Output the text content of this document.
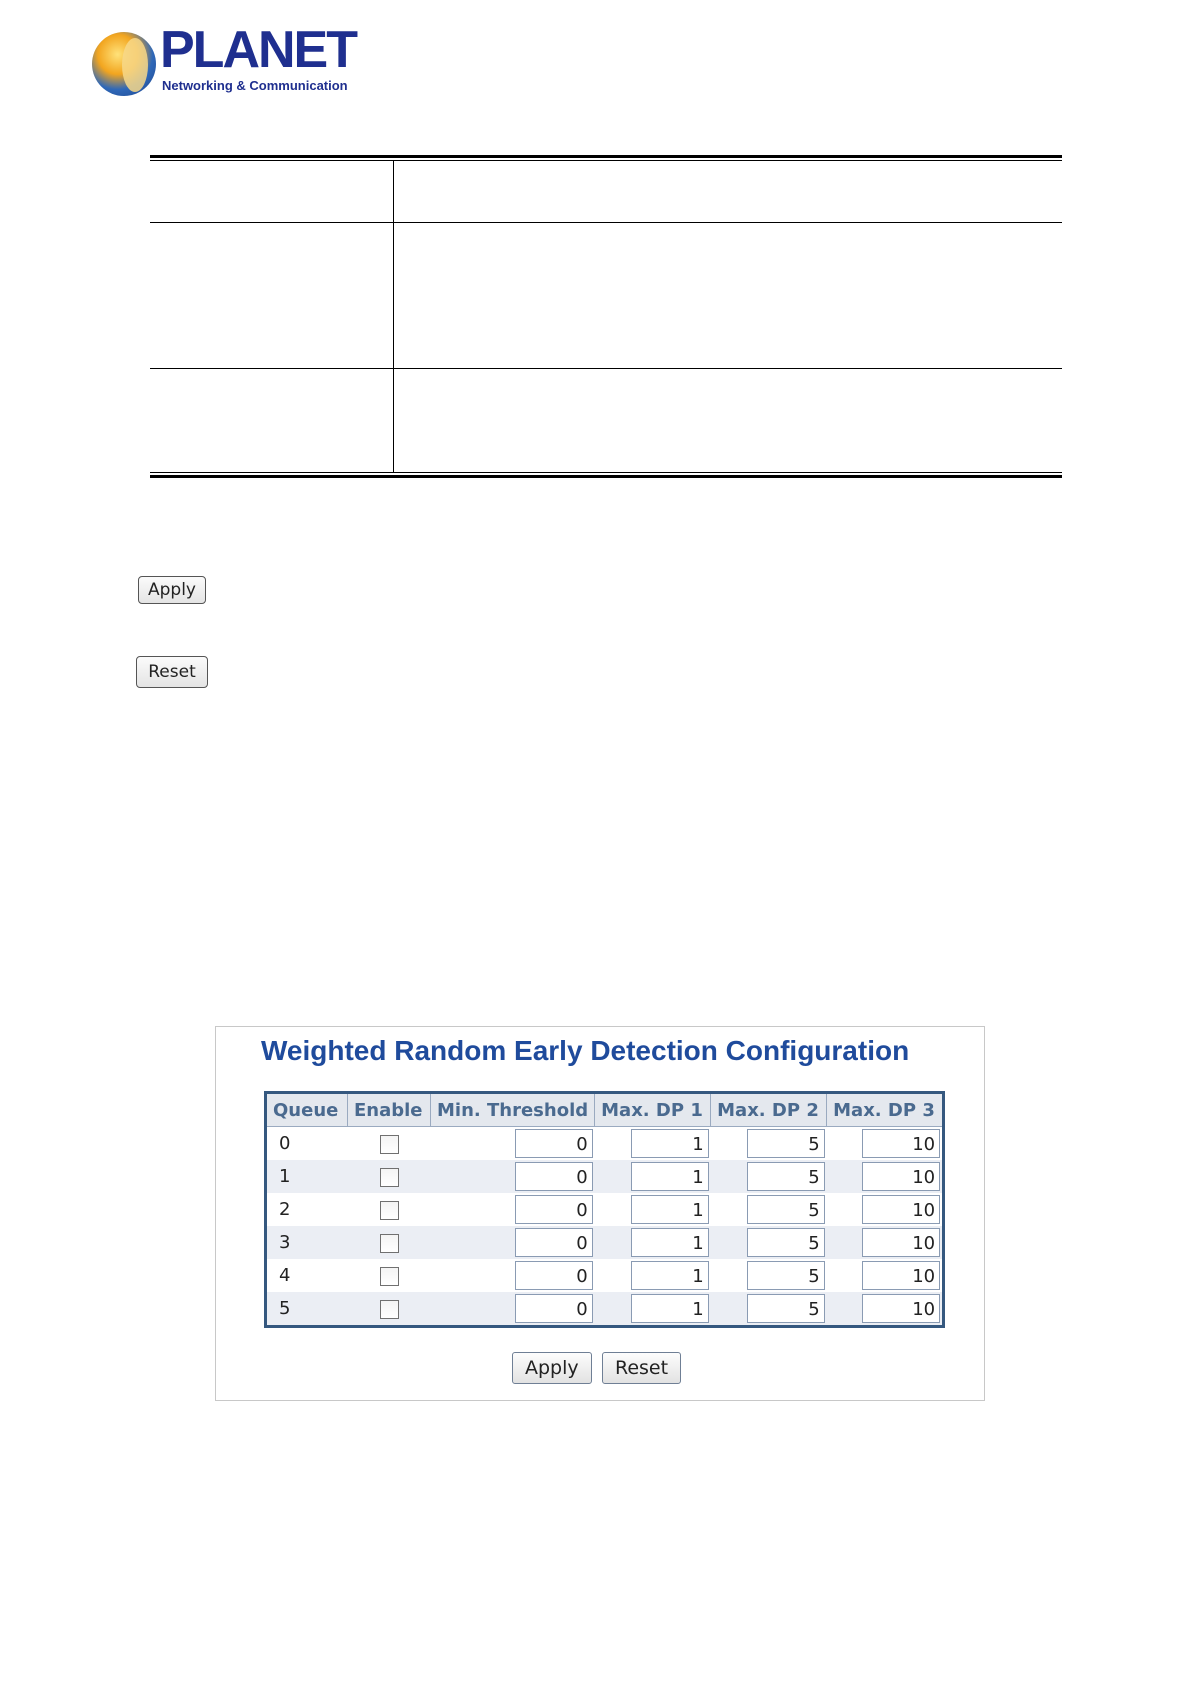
PLANET
Networking & Communication
Apply
Reset
Weighted Random Early Detection Configuration
Queue	Enable	Min. Threshold	Max. DP 1	Max. DP 2	Max. DP 3
0		0	1	5	10
1		0	1	5	10
2		0	1	5	10
3		0	1	5	10
4		0	1	5	10
5		0	1	5	10
Apply	Reset
